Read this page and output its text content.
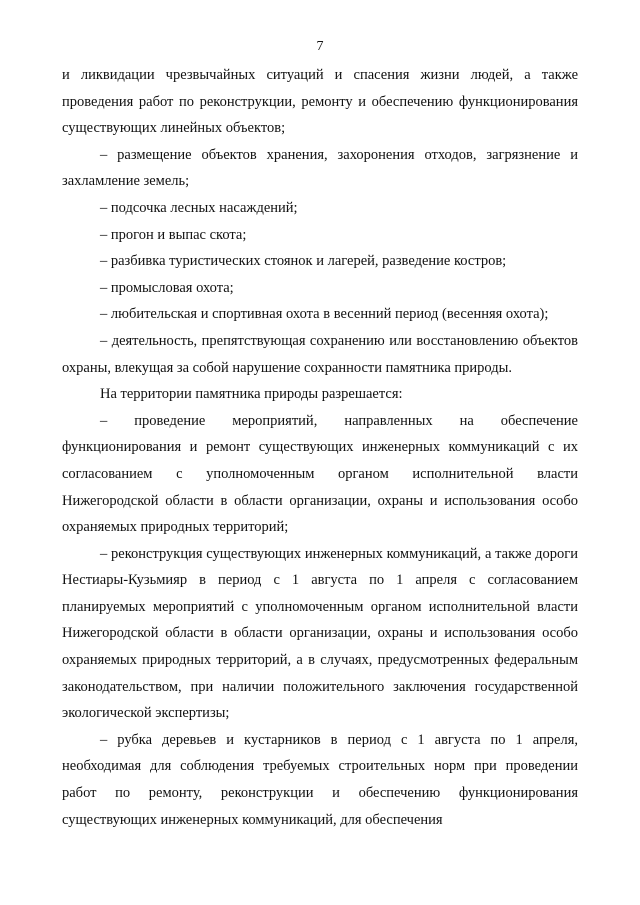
7

и ликвидации чрезвычайных ситуаций и спасения жизни людей, а также проведения работ по реконструкции, ремонту и обеспечению функционирования существующих линейных объектов;

– размещение объектов хранения, захоронения отходов, загрязнение и захламление земель;

– подсочка лесных насаждений;

– прогон и выпас скота;

– разбивка туристических стоянок и лагерей, разведение костров;

– промысловая охота;

– любительская и спортивная охота в весенний период (весенняя охота);

– деятельность, препятствующая сохранению или восстановлению объектов охраны, влекущая за собой нарушение сохранности памятника природы.

На территории памятника природы разрешается:

– проведение мероприятий, направленных на обеспечение функционирования и ремонт существующих инженерных коммуникаций с их согласованием с уполномоченным органом исполнительной власти Нижегородской области в области организации, охраны и использования особо охраняемых природных территорий;

– реконструкция существующих инженерных коммуникаций, а также дороги Нестиары-Кузьмияр в период с 1 августа по 1 апреля с согласованием планируемых мероприятий с уполномоченным органом исполнительной власти Нижегородской области в области организации, охраны и использования особо охраняемых природных территорий, а в случаях, предусмотренных федеральным законодательством, при наличии положительного заключения государственной экологической экспертизы;

– рубка деревьев и кустарников в период с 1 августа по 1 апреля, необходимая для соблюдения требуемых строительных норм при проведении работ по ремонту, реконструкции и обеспечению функционирования существующих инженерных коммуникаций, для обеспечения
